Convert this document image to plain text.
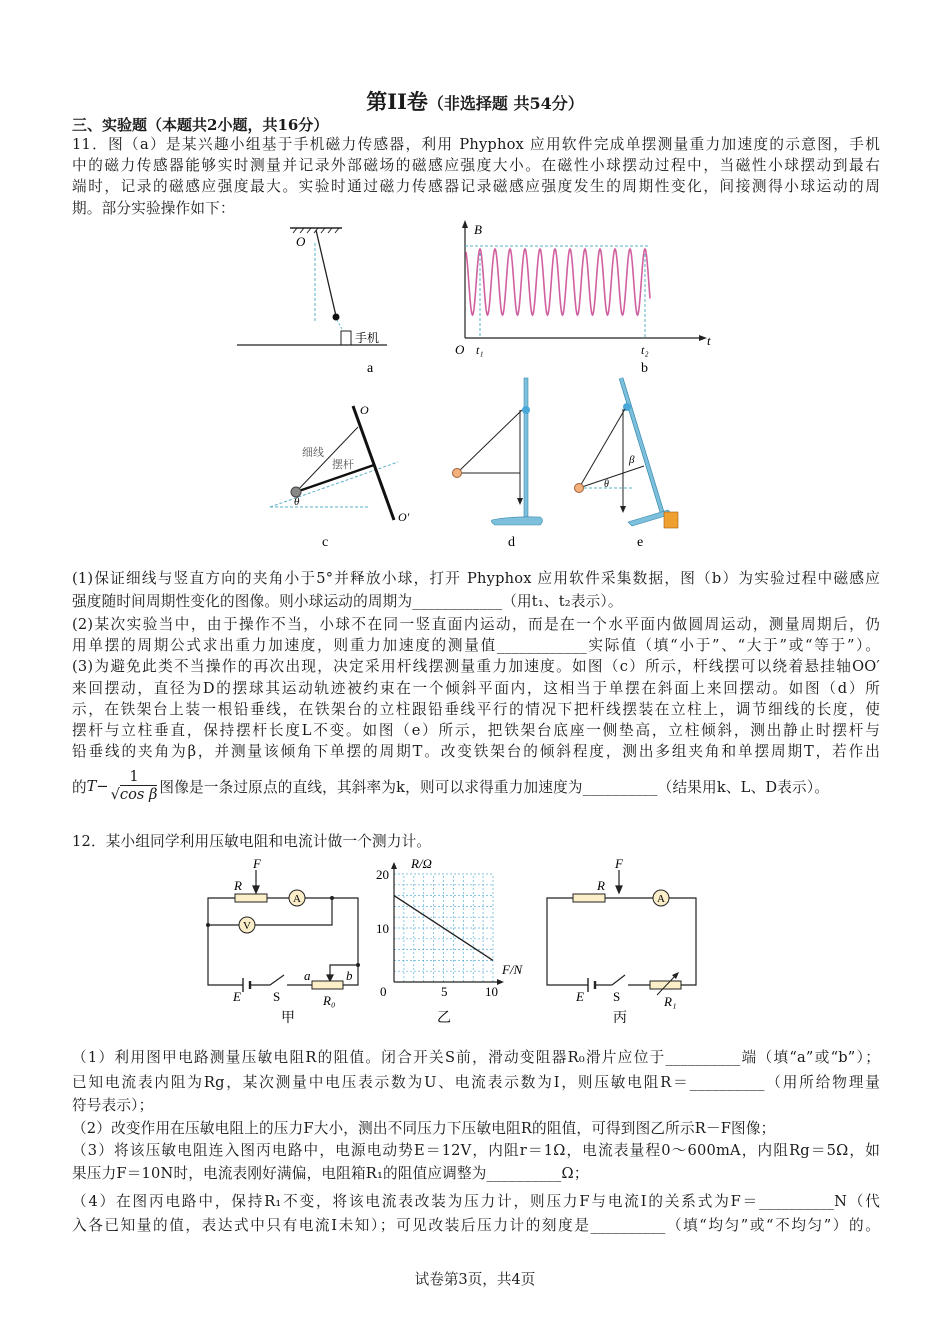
第II卷（非选择题 共54分）
三、实验题（本题共2小题，共16分）
11．图（a）是某兴趣小组基于手机磁力传感器，利用 Phyphox 应用软件完成单摆测量重力加速度的示意图，手机
中的磁力传感器能够实时测量并记录外部磁场的磁感应强度大小。在磁性小球摆动过程中，当磁性小球摆动到最右
端时，记录的磁感应强度最大。实验时通过磁力传感器记录磁感应强度发生的周期性变化，间接测得小球运动的周
期。部分实验操作如下：
O
手机
a
B
O t₁	t₂
t
b
O
O′
细线
摆杆
θ
c	d
β
θ
e
A
V
F
R
E S
a	b
R₀
甲
R/Ω
F/N
0	5	10
10
20
乙
A
F
R
E S	R₁
丙
(1)保证细线与竖直方向的夹角小于5°并释放小球，打开 Phyphox 应用软件采集数据，图（b）为实验过程中磁感应
强度随时间周期性变化的图像。则小球运动的周期为____________（用t₁、t₂表示）。
(2)某次实验当中，由于操作不当，小球不在同一竖直面内运动，而是在一个水平面内做圆周运动，测量周期后，仍
用单摆的周期公式求出重力加速度，则重力加速度的测量值____________实际值（填“小于”、“大于”或“等于”）。
(3)为避免此类不当操作的再次出现，决定采用杆线摆测量重力加速度。如图（c）所示，杆线摆可以绕着悬挂轴OO′
来回摆动，直径为D的摆球其运动轨迹被约束在一个倾斜平面内，这相当于单摆在斜面上来回摆动。如图（d）所
示，在铁架台上装一根铅垂线，在铁架台的立柱跟铅垂线平行的情况下把杆线摆装在立柱上，调节细线的长度，使
摆杆与立柱垂直，保持摆杆长度L不变。如图（e）所示，把铁架台底座一侧垫高，立柱倾斜，测出静止时摆杆与
铅垂线的夹角为β，并测量该倾角下单摆的周期T。改变铁架台的倾斜程度，测出多组夹角和单摆周期T，若作出
的 $T - \frac{1}{\text{√cos β}}$ 图像是一条过原点的直线，其斜率为k，则可以求得重力加速度为__________（结果用k、L、D表示）。
12．某小组同学利用压敏电阻和电流计做一个测力计。
（1）利用图甲电路测量压敏电阻R的阻值。闭合开关S前，滑动变阻器R₀滑片应位于__________端（填“a”或“b”）；
已知电流表内阻为Rg，某次测量中电压表示数为U、电流表示数为I，则压敏电阻R＝__________（用所给物理量
符号表示）；
（2）改变作用在压敏电阻上的压力F大小，测出不同压力下压敏电阻R的阻值，可得到图乙所示R－F图像；
（3）将该压敏电阻连入图丙电路中，电源电动势E＝12V，内阻r＝1Ω，电流表量程0～600mA，内阻Rg＝5Ω，如
果压力F＝10N时，电流表刚好满偏，电阻箱R₁的阻值应调整为__________Ω；
（4）在图丙电路中，保持R₁不变，将该电流表改装为压力计，则压力F与电流I的关系式为F＝__________N（代
入各已知量的值，表达式中只有电流I未知）；可见改装后压力计的刻度是__________（填“均匀”或“不均匀”）的。
试卷第3页，共4页
